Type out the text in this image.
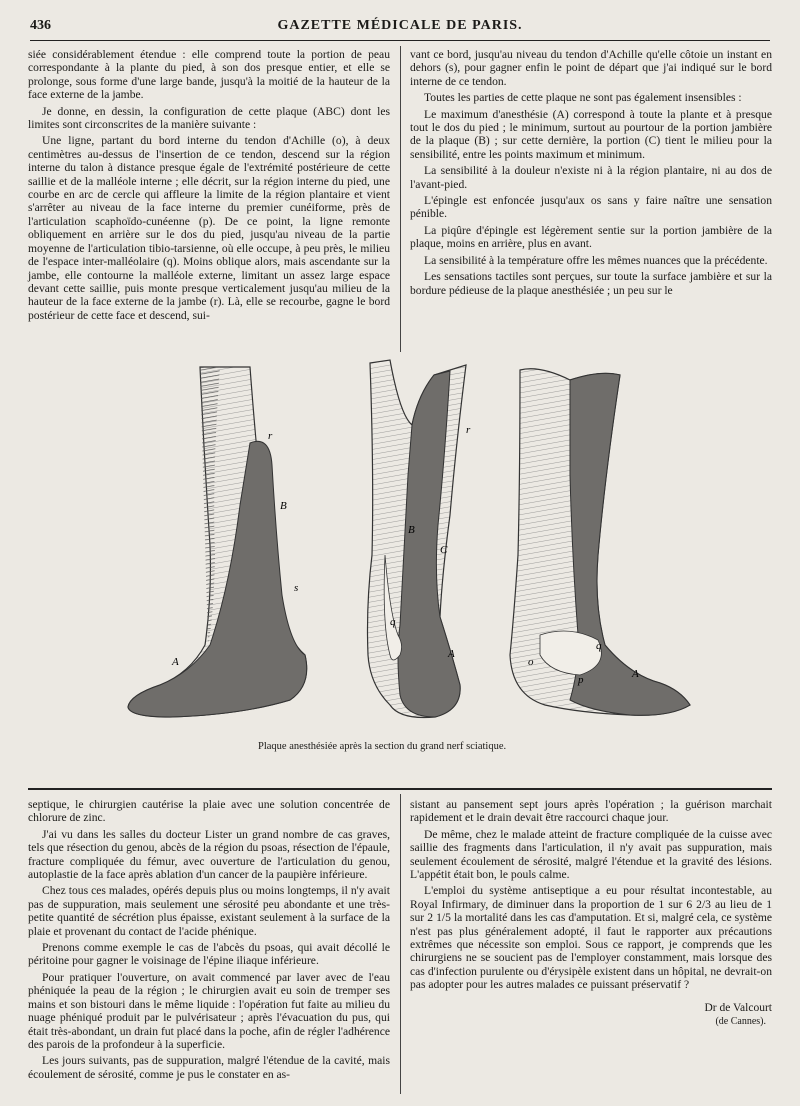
436	GAZETTE MÉDICALE DE PARIS.

siée considérablement étendue : elle comprend toute la portion de peau correspondante à la plante du pied, à son dos presque entier, et elle se prolonge, sous forme d'une large bande, jusqu'à la moitié de la hauteur de la face externe de la jambe.

Je donne, en dessin, la configuration de cette plaque (ABC) dont les limites sont circonscrites de la manière suivante :

Une ligne, partant du bord interne du tendon d'Achille (o), à deux centimètres au-dessus de l'insertion de ce tendon, descend sur la région interne du talon à distance presque égale de l'extrémité postérieure de cette saillie et de la malléole interne ; elle décrit, sur la région interne du pied, une courbe en arc de cercle qui affleure la limite de la région plantaire et vient s'arrêter au niveau de la face interne du premier cunéiforme, près de l'articulation scaphoïdo-cunéenne (p). De ce point, la ligne remonte obliquement en arrière sur le dos du pied, jusqu'au niveau de la partie moyenne de l'articulation tibio-tarsienne, où elle occupe, à peu près, le milieu de l'espace inter-malléolaire (q). Moins oblique alors, mais ascendante sur la jambe, elle contourne la malléole externe, limitant un assez large espace devant cette saillie, puis monte presque verticalement jusqu'au milieu de la hauteur de la face externe de la jambe (r). Là, elle se recourbe, gagne le bord postérieur de cette face et descend, sui-

vant ce bord, jusqu'au niveau du tendon d'Achille qu'elle côtoie un instant en dehors (s), pour gagner enfin le point de départ que j'ai indiqué sur le bord interne de ce tendon.

Toutes les parties de cette plaque ne sont pas également insensibles :

Le maximum d'anesthésie (A) correspond à toute la plante et à presque tout le dos du pied ; le minimum, surtout au pourtour de la portion jambière de la plaque (B) ; sur cette dernière, la portion (C) tient le milieu pour la sensibilité, entre les points maximum et minimum.

La sensibilité à la douleur n'existe ni à la région plantaire, ni au dos de l'avant-pied.

L'épingle est enfoncée jusqu'aux os sans y faire naître une sensation pénible.

La piqûre d'épingle est légèrement sentie sur la portion jambière de la plaque, moins en arrière, plus en avant.

La sensibilité à la température offre les mêmes nuances que la précédente.

Les sensations tactiles sont perçues, sur toute la surface jambière et sur la bordure pédieuse de la plaque anesthésiée ; un peu sur le

r
B
s
A
r
B
C
q
A
o
q
p	A
Plaque anesthésiée après la section du grand nerf sciatique.

septique, le chirurgien cautérise la plaie avec une solution concentrée de chlorure de zinc.

J'ai vu dans les salles du docteur Lister un grand nombre de cas graves, tels que résection du genou, abcès de la région du psoas, résection de l'épaule, fracture compliquée du fémur, avec ouverture de l'articulation du genou, autoplastie de la face après ablation d'un cancer de la paupière inférieure.

Chez tous ces malades, opérés depuis plus ou moins longtemps, il n'y avait pas de suppuration, mais seulement une sérosité peu abondante et une très-petite quantité de sécrétion plus épaisse, existant seulement à la surface de la plaie et provenant du contact de l'acide phénique.

Prenons comme exemple le cas de l'abcès du psoas, qui avait décollé le péritoine pour gagner le voisinage de l'épine iliaque inférieure.

Pour pratiquer l'ouverture, on avait commencé par laver avec de l'eau phéniquée la peau de la région ; le chirurgien avait eu soin de tremper ses mains et son bistouri dans le même liquide : l'opération fut faite au milieu du nuage phéniqué produit par le pulvérisateur ; après l'évacuation du pus, qui était très-abondant, un drain fut placé dans la poche, afin de régler l'adhérence des parois de la profondeur à la superficie.

Les jours suivants, pas de suppuration, malgré l'étendue de la cavité, mais écoulement de sérosité, comme je pus le constater en as-

sistant au pansement sept jours après l'opération ; la guérison marchait rapidement et le drain devait être raccourci chaque jour.

De même, chez le malade atteint de fracture compliquée de la cuisse avec saillie des fragments dans l'articulation, il n'y avait pas suppuration, mais seulement écoulement de sérosité, malgré l'étendue et la gravité des lésions. L'appétit était bon, le pouls calme.

L'emploi du système antiseptique a eu pour résultat incontestable, au Royal Infirmary, de diminuer dans la proportion de 1 sur 6 2/3 au lieu de 1 sur 2 1/5 la mortalité dans les cas d'amputation. Et si, malgré cela, ce système n'est pas plus généralement adopté, il faut le rapporter aux précautions extrêmes que nécessite son emploi. Sous ce rapport, je comprends que les chirurgiens ne se soucient pas de l'employer constamment, mais lorsque des cas d'infection purulente ou d'érysipèle existent dans un hôpital, ne devrait-on pas adopter pour les autres malades ce puissant préservatif ?

Dr de Valcourt
(de Cannes).
